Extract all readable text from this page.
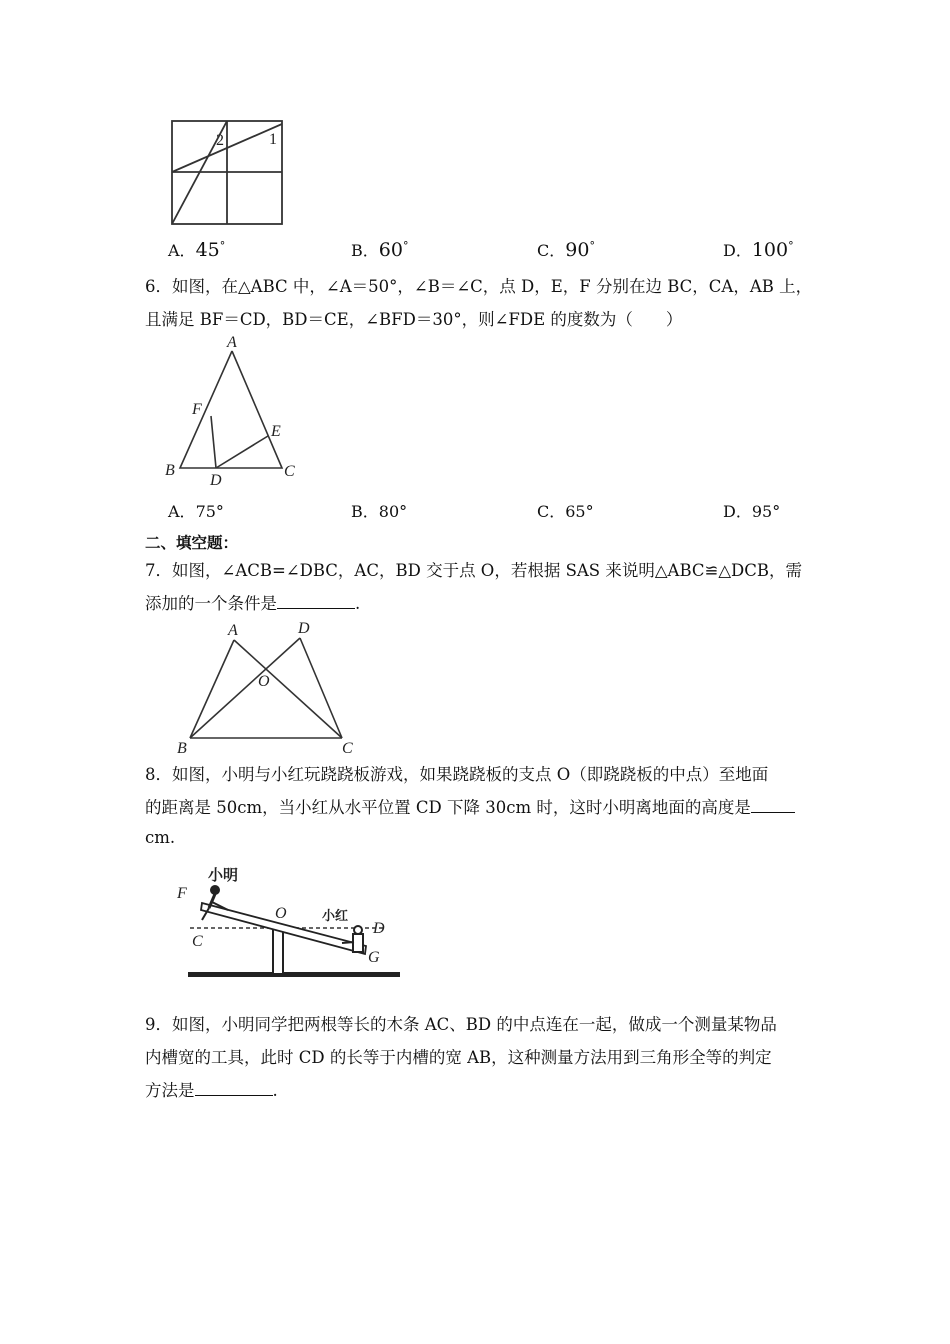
2	1
A．45°	B．60°	C．90°	D．100°
6．如图，在△ABC 中，∠A＝50°，∠B＝∠C，点 D，E，F 分别在边 BC，CA，AB 上，
且满足 BF＝CD，BD＝CE，∠BFD＝30°，则∠FDE 的度数为（　　）
A
F
E
B
D
C
A．75°	B．80°	C．65°	D．95°
二、填空题：
7．如图，∠ACB=∠DBC，AC，BD 交于点 O，若根据 SAS 来说明△ABC≌△DCB，需
添加的一个条件是	.
A	D
O
B	C
8．如图，小明与小红玩跷跷板游戏，如果跷跷板的支点 O（即跷跷板的中点）至地面
的距离是 50cm，当小红从水平位置 CD 下降 30cm 时，这时小明离地面的高度是
cm.
小明
小红
F
C
O
D
G
9．如图，小明同学把两根等长的木条 AC、BD 的中点连在一起，做成一个测量某物品
内槽宽的工具，此时 CD 的长等于内槽的宽 AB，这种测量方法用到三角形全等的判定
方法是	.
